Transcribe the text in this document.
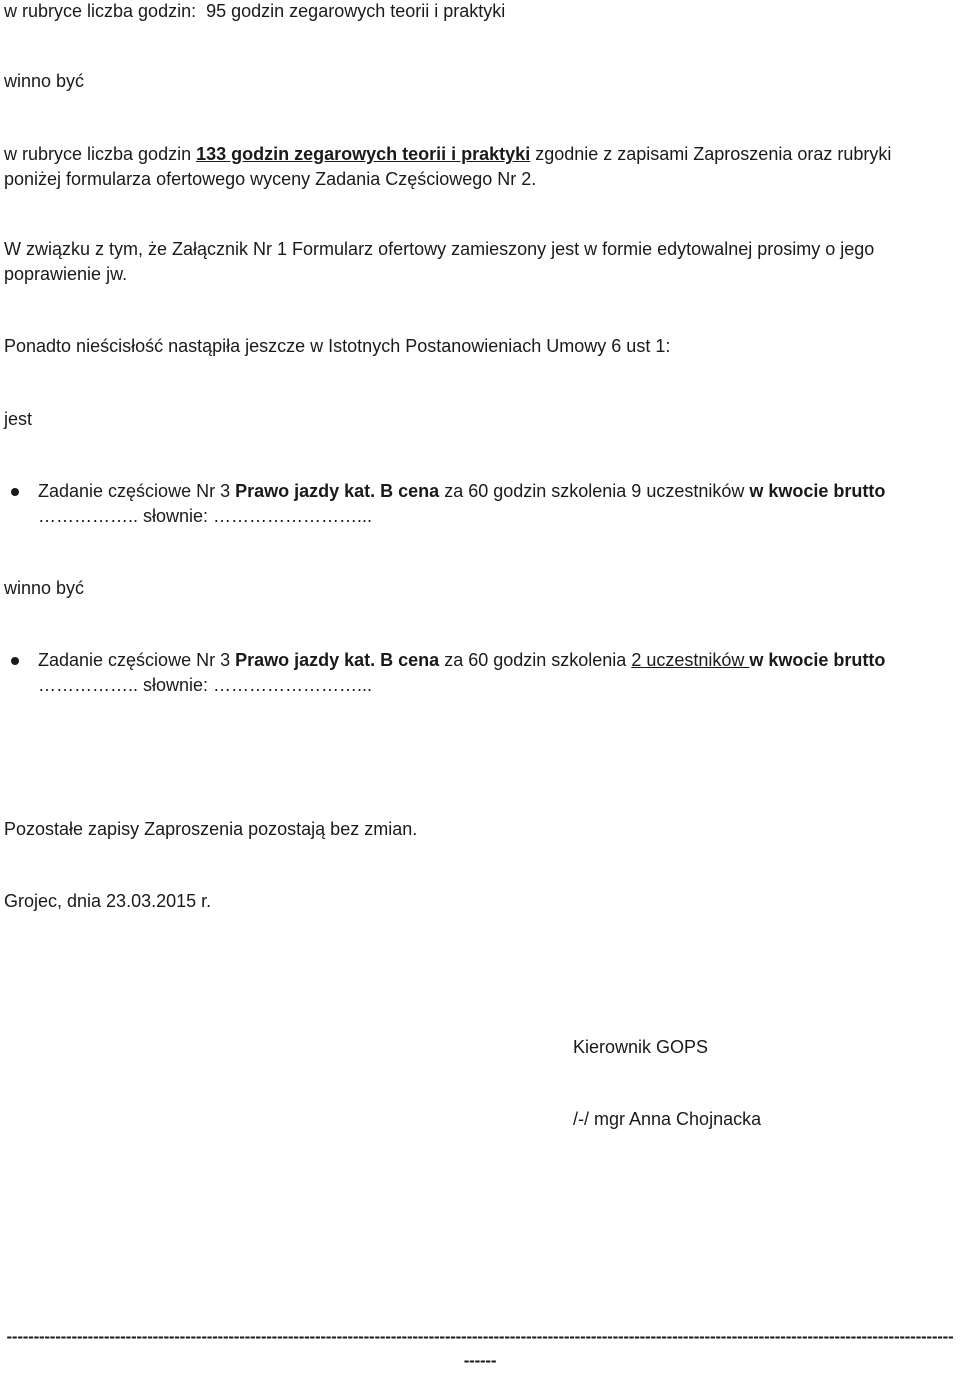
w rubryce liczba godzin: 95 godzin zegarowych teorii i praktyki

winno być

w rubryce liczba godzin 133 godzin zegarowych teorii i praktyki zgodnie z zapisami Zaproszenia oraz rubryki poniżej formularza ofertowego wyceny Zadania Częściowego Nr 2.

W związku z tym, że Załącznik Nr 1 Formularz ofertowy zamieszony jest w formie edytowalnej prosimy o jego poprawienie jw.

Ponadto nieścisłość nastąpiła jeszcze w Istotnych Postanowieniach Umowy 6 ust 1:

jest

Zadanie częściowe Nr 3 Prawo jazdy kat. B cena za 60 godzin szkolenia 9 uczestników w kwocie brutto …………….. słownie: ……………………...

winno być

Zadanie częściowe Nr 3 Prawo jazdy kat. B cena za 60 godzin szkolenia 2 uczestników w kwocie brutto …………….. słownie: ……………………...

Pozostałe zapisy Zaproszenia pozostają bez zmian.

Grojec, dnia 23.03.2015 r.

Kierownik GOPS

/-/ mgr Anna Chojnacka

-------------------------------------------------------------------------------------------------------------------------------------------------------------------------------------
